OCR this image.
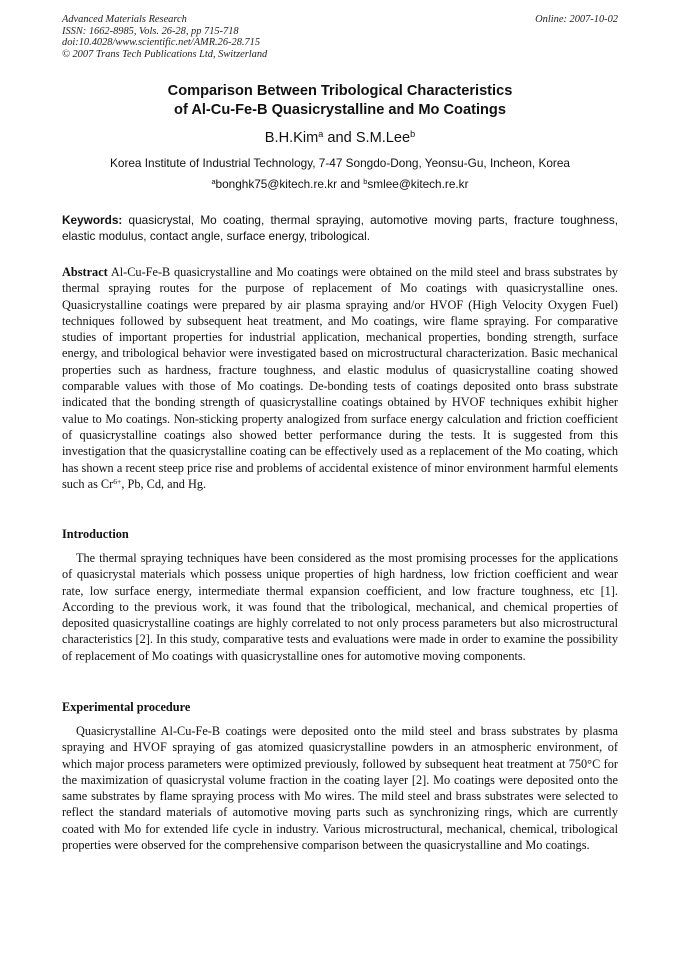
Advanced Materials Research
ISSN: 1662-8985, Vols. 26-28, pp 715-718
doi:10.4028/www.scientific.net/AMR.26-28.715
© 2007 Trans Tech Publications Ltd, Switzerland
Online: 2007-10-02
Comparison Between Tribological Characteristics
of Al-Cu-Fe-B Quasicrystalline and Mo Coatings
B.H.Kim$^a$ and S.M.Lee$^b$
Korea Institute of Industrial Technology, 7-47 Songdo-Dong, Yeonsu-Gu, Incheon, Korea
$^a$bonghk75@kitech.re.kr and $^b$smlee@kitech.re.kr
Keywords: quasicrystal, Mo coating, thermal spraying, automotive moving parts, fracture toughness, elastic modulus, contact angle, surface energy, tribological.
Abstract Al-Cu-Fe-B quasicrystalline and Mo coatings were obtained on the mild steel and brass substrates by thermal spraying routes for the purpose of replacement of Mo coatings with quasicrystalline ones. Quasicrystalline coatings were prepared by air plasma spraying and/or HVOF (High Velocity Oxygen Fuel) techniques followed by subsequent heat treatment, and Mo coatings, wire flame spraying. For comparative studies of important properties for industrial application, mechanical properties, bonding strength, surface energy, and tribological behavior were investigated based on microstructural characterization. Basic mechanical properties such as hardness, fracture toughness, and elastic modulus of quasicrystalline coating showed comparable values with those of Mo coatings. De-bonding tests of coatings deposited onto brass substrate indicated that the bonding strength of quasicrystalline coatings obtained by HVOF techniques exhibit higher value to Mo coatings. Non-sticking property analogized from surface energy calculation and friction coefficient of quasicrystalline coatings also showed better performance during the tests. It is suggested from this investigation that the quasicrystalline coating can be effectively used as a replacement of the Mo coating, which has shown a recent steep price rise and problems of accidental existence of minor environment harmful elements such as $Cr^{6+}$, Pb, Cd, and Hg.
Introduction
The thermal spraying techniques have been considered as the most promising processes for the applications of quasicrystal materials which possess unique properties of high hardness, low friction coefficient and wear rate, low surface energy, intermediate thermal expansion coefficient, and low fracture toughness, etc [1]. According to the previous work, it was found that the tribological, mechanical, and chemical properties of deposited quasicrystalline coatings are highly correlated to not only process parameters but also microstructural characteristics [2]. In this study, comparative tests and evaluations were made in order to examine the possibility of replacement of Mo coatings with quasicrystalline ones for automotive moving components.
Experimental procedure
Quasicrystalline Al-Cu-Fe-B coatings were deposited onto the mild steel and brass substrates by plasma spraying and HVOF spraying of gas atomized quasicrystalline powders in an atmospheric environment, of which major process parameters were optimized previously, followed by subsequent heat treatment at 750°C for the maximization of quasicrystal volume fraction in the coating layer [2]. Mo coatings were deposited onto the same substrates by flame spraying process with Mo wires. The mild steel and brass substrates were selected to reflect the standard materials of automotive moving parts such as synchronizing rings, which are currently coated with Mo for extended life cycle in industry. Various microstructural, mechanical, chemical, tribological properties were observed for the comprehensive comparison between the quasicrystalline and Mo coatings.
